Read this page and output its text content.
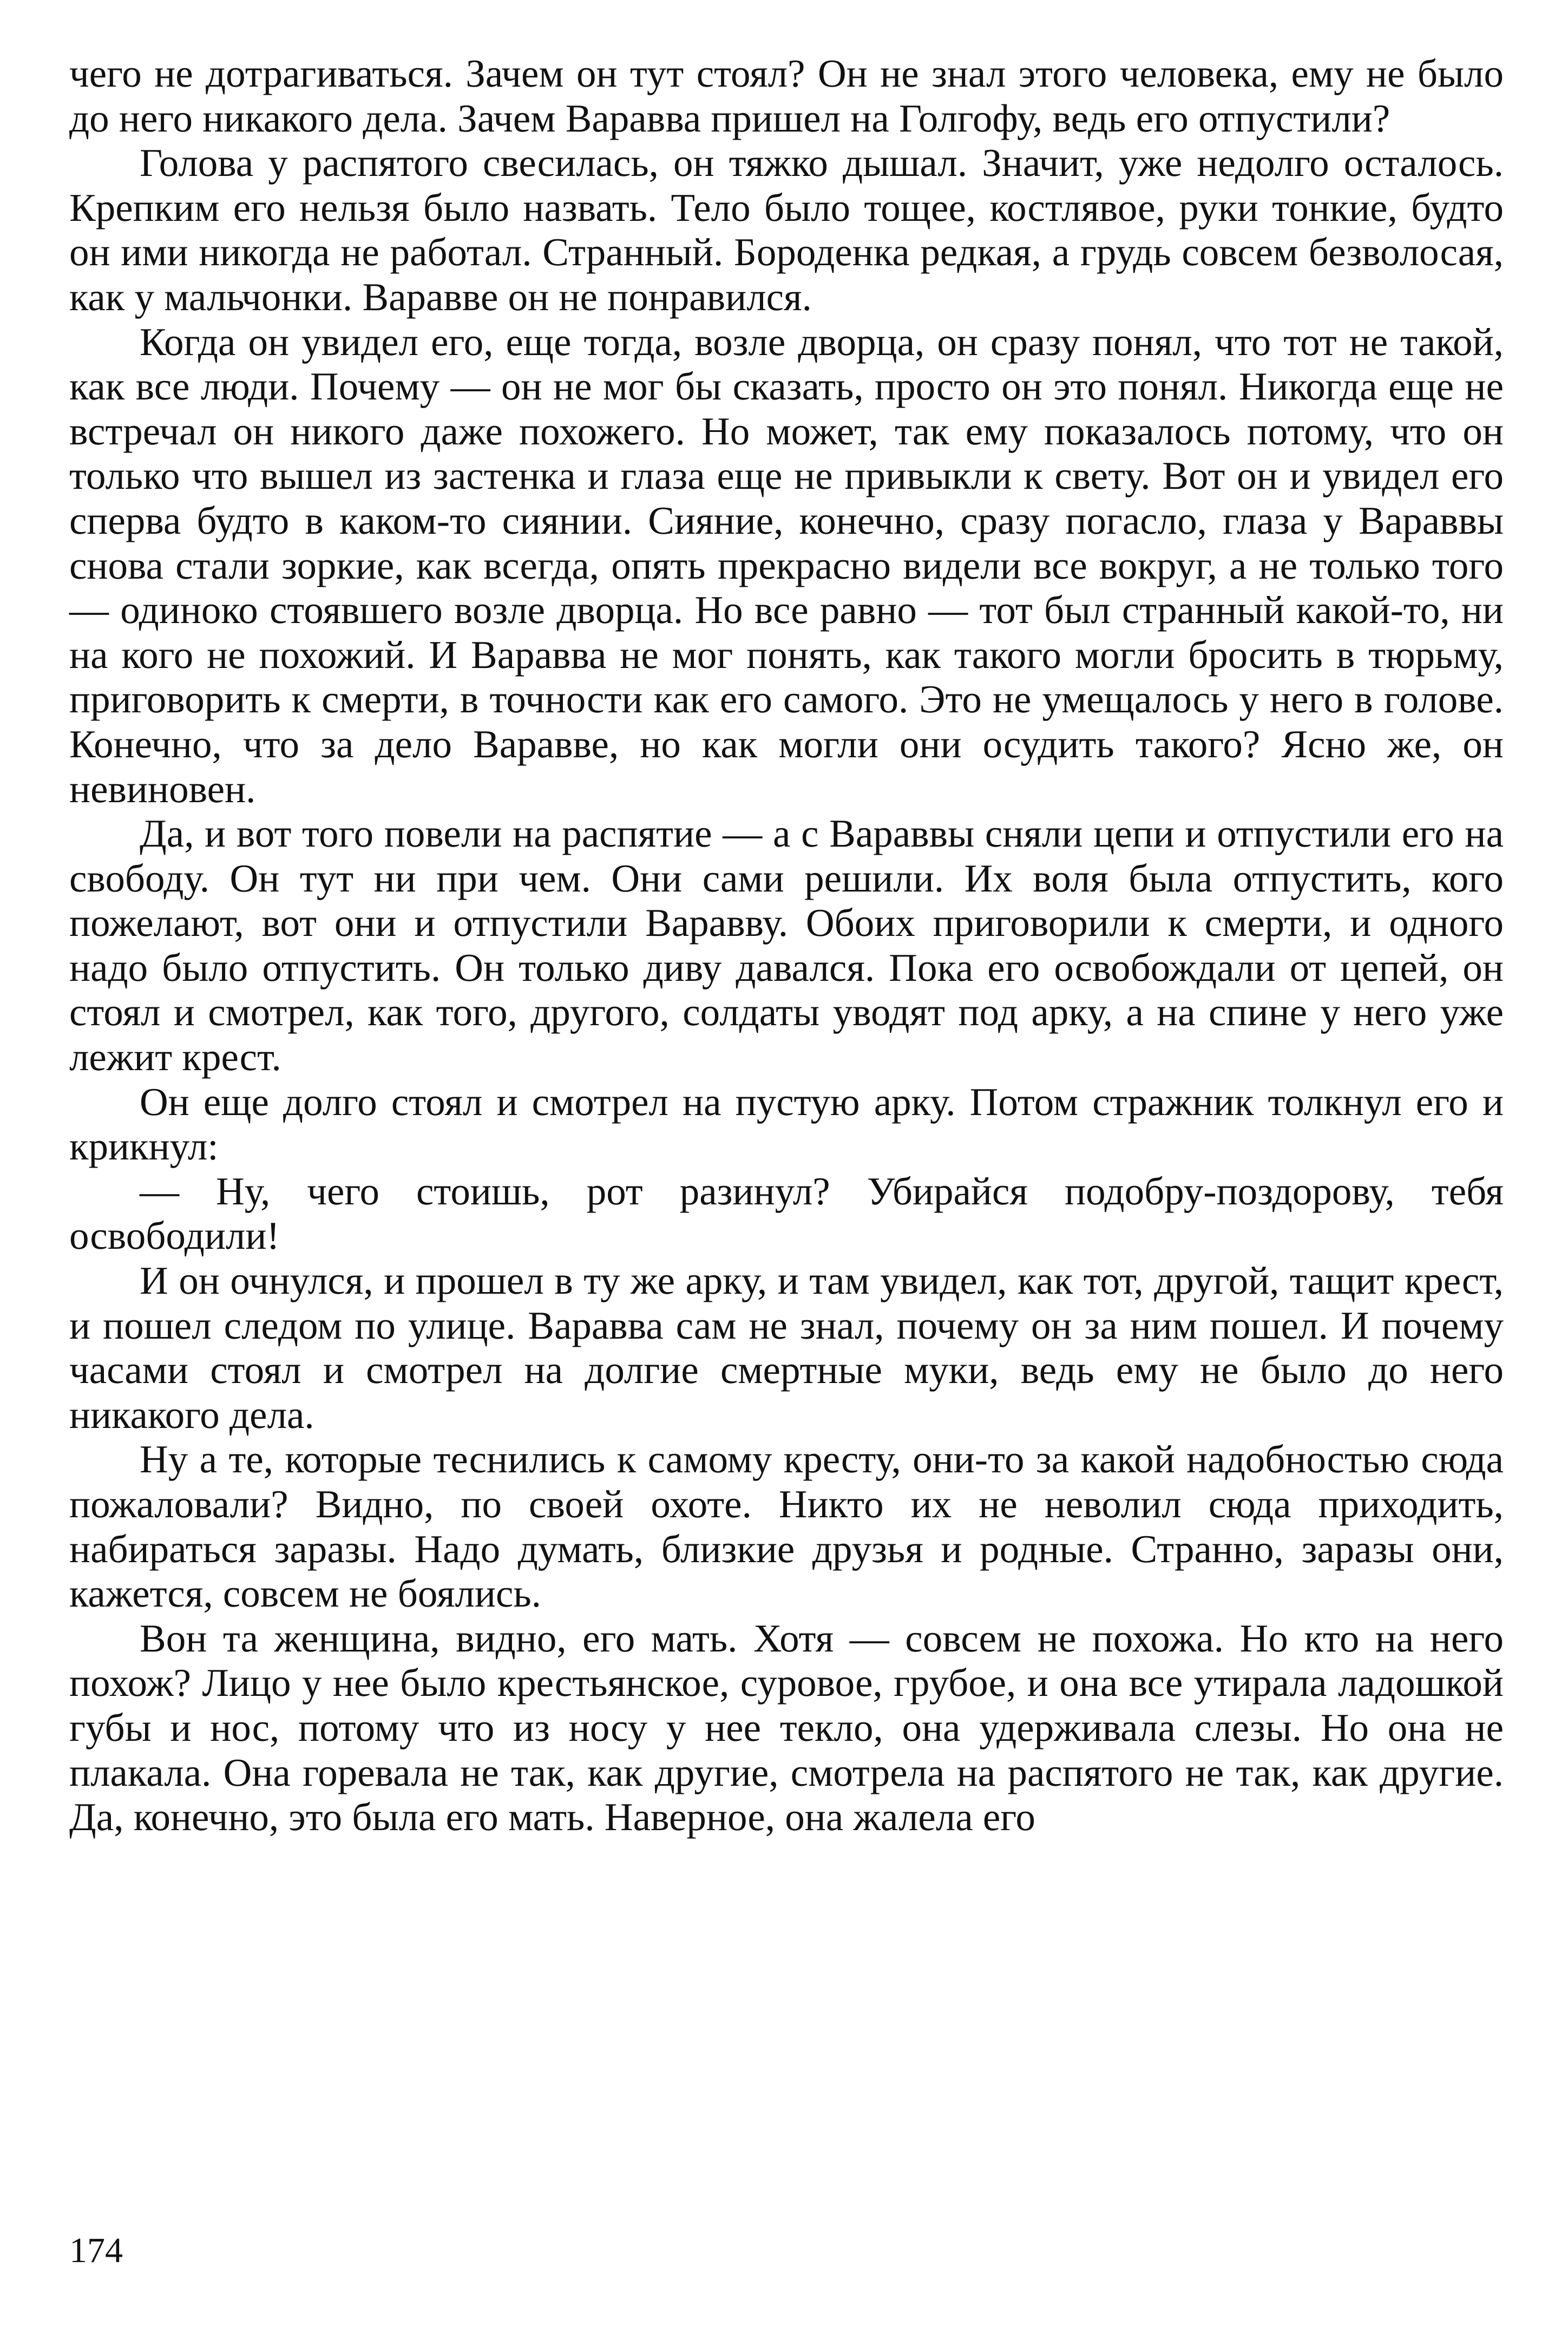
чего не дотрагиваться. Зачем он тут стоял? Он не знал этого человека, ему не было до него никакого дела. Зачем Варавва пришел на Голгофу, ведь его отпустили?

Голова у распятого свесилась, он тяжко дышал. Значит, уже недолго осталось. Крепким его нельзя было назвать. Тело было тощее, костлявое, руки тонкие, будто он ими никогда не работал. Странный. Бороденка редкая, а грудь совсем безволосая, как у мальчонки. Варавве он не понравился.

Когда он увидел его, еще тогда, возле дворца, он сразу понял, что тот не такой, как все люди. Почему — он не мог бы сказать, просто он это понял. Никогда еще не встречал он никого даже похожего. Но может, так ему показалось потому, что он только что вышел из застенка и глаза еще не привыкли к свету. Вот он и увидел его сперва будто в каком-то сиянии. Сияние, конечно, сразу погасло, глаза у Вараввы снова стали зоркие, как всегда, опять прекрасно видели все вокруг, а не только того — одиноко стоявшего возле дворца. Но все равно — тот был странный какой-то, ни на кого не похожий. И Варавва не мог понять, как такого могли бросить в тюрьму, приговорить к смерти, в точности как его самого. Это не умещалось у него в голове. Конечно, что за дело Варавве, но как могли они осудить такого? Ясно же, он невиновен.

Да, и вот того повели на распятие — а с Вараввы сняли цепи и отпустили его на свободу. Он тут ни при чем. Они сами решили. Их воля была отпустить, кого пожелают, вот они и отпустили Варавву. Обоих приговорили к смерти, и одного надо было отпустить. Он только диву давался. Пока его освобождали от цепей, он стоял и смотрел, как того, другого, солдаты уводят под арку, а на спине у него уже лежит крест.

Он еще долго стоял и смотрел на пустую арку. Потом стражник толкнул его и крикнул:

— Ну, чего стоишь, рот разинул? Убирайся подобру-поздорову, тебя освободили!

И он очнулся, и прошел в ту же арку, и там увидел, как тот, другой, тащит крест, и пошел следом по улице. Варавва сам не знал, почему он за ним пошел. И почему часами стоял и смотрел на долгие смертные муки, ведь ему не было до него никакого дела.

Ну а те, которые теснились к самому кресту, они-то за какой надобностью сюда пожаловали? Видно, по своей охоте. Никто их не неволил сюда приходить, набираться заразы. Надо думать, близкие друзья и родные. Странно, заразы они, кажется, совсем не боялись.

Вон та женщина, видно, его мать. Хотя — совсем не похожа. Но кто на него похож? Лицо у нее было крестьянское, суровое, грубое, и она все утирала ладошкой губы и нос, потому что из носу у нее текло, она удерживала слезы. Но она не плакала. Она горевала не так, как другие, смотрела на распятого не так, как другие. Да, конечно, это была его мать. Наверное, она жалела его

174
